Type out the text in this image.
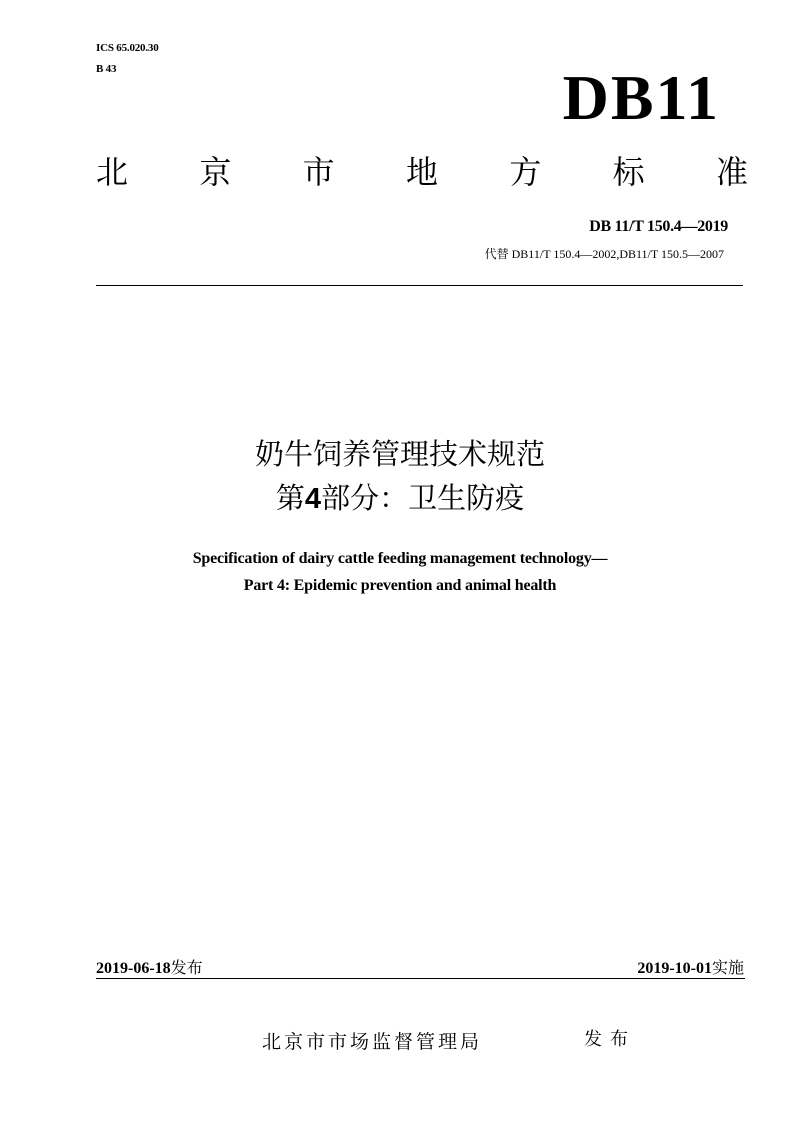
ICS 65.020.30
B 43	DB11
北 京 市 地 方 标 准
DB 11/T 150.4—2019
代替 DB11/T 150.4—2002,DB11/T 150.5—2007
奶牛饲养管理技术规范
第4部分：卫生防疫
Specification of dairy cattle feeding management technology—
Part 4: Epidemic prevention and animal health
2019-06-18发布	2019-10-01实施
北京市市场监督管理局	发布
